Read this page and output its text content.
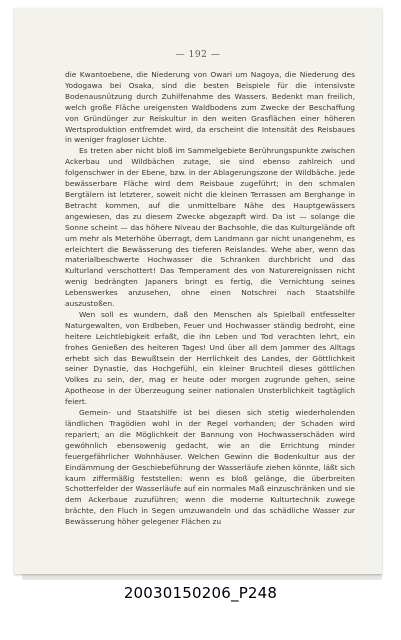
— 192 —

die Kwantoebene, die Niederung von Owari um Nagoya, die Niederung des Yodogawa bei Osaka, sind die besten Beispiele für die intensivste Bodenausnützung durch Zuhilfenahme des Wassers. Bedenkt man freilich, welch große Fläche ureigensten Waldbodens zum Zwecke der Beschaffung von Gründünger zur Reiskultur in den weiten Grasflächen einer höheren Wertsproduktion entfremdet wird, da erscheint die Intensität des Reisbaues in weniger fragloser Lichte.

Es treten aber nicht bloß im Sammelgebiete Berührungspunkte zwischen Ackerbau und Wildbächen zutage, sie sind ebenso zahlreich und folgenschwer in der Ebene, bzw. in der Ablagerungszone der Wildbäche. Jede bewässerbare Fläche wird dem Reisbaue zugeführt; in den schmalen Bergtälern ist letzterer, soweit nicht die kleinen Terrassen am Berghange in Betracht kommen, auf die unmittelbare Nähe des Hauptgewässers angewiesen, das zu diesem Zwecke abgezapft wird. Da ist — solange die Sonne scheint — das höhere Niveau der Bachsohle, die das Kulturgelände oft um mehr als Meterhöhe überragt, dem Landmann gar nicht unangenehm, es erleichtert die Bewässerung des tieferen Reislandes. Wehe aber, wenn das materialbeschwerte Hochwasser die Schranken durchbricht und das Kulturland verschottert! Das Temperament des von Naturereignissen nicht wenig bedrängten Japaners bringt es fertig, die Vernichtung seines Lebenswerkes anzusehen, ohne einen Notschrei nach Staatshilfe auszustoßen.

Wen soll es wundern, daß den Menschen als Spielball entfesselter Naturgewalten, von Erdbeben, Feuer und Hochwasser ständig bedroht, eine heitere Leichtlebigkeit erfaßt, die ihn Leben und Tod verachten lehrt, ein frohes Genießen des heiteren Tages! Und über all dem Jammer des Alltags erhebt sich das Bewußtsein der Herrlichkeit des Landes, der Göttlichkeit seiner Dynastie, das Hochgefühl, ein kleiner Bruchteil dieses göttlichen Volkes zu sein, der, mag er heute oder morgen zugrunde gehen, seine Apotheose in der Überzeugung seiner nationalen Unsterblichkeit tagtäglich feiert.

Gemein- und Staatshilfe ist bei diesen sich stetig wiederholenden ländlichen Tragödien wohl in der Regel vorhanden; der Schaden wird repariert; an die Möglichkeit der Bannung von Hochwasserschäden wird gewöhnlich ebensowenig gedacht, wie an die Errichtung minder feuergefährlicher Wohnhäuser. Welchen Gewinn die Bodenkultur aus der Eindämmung der Geschiebeführung der Wasserläufe ziehen könnte, läßt sich kaum ziffermäßig feststellen: wenn es bloß gelänge, die überbreiten Schotterfelder der Wasserläufe auf ein normales Maß einzuschränken und sie dem Ackerbaue zuzuführen; wenn die moderne Kulturtechnik zuwege brächte, den Fluch in Segen umzuwandeln und das schädliche Wasser zur Bewässerung höher gelegener Flächen zu

20030150206_P248
